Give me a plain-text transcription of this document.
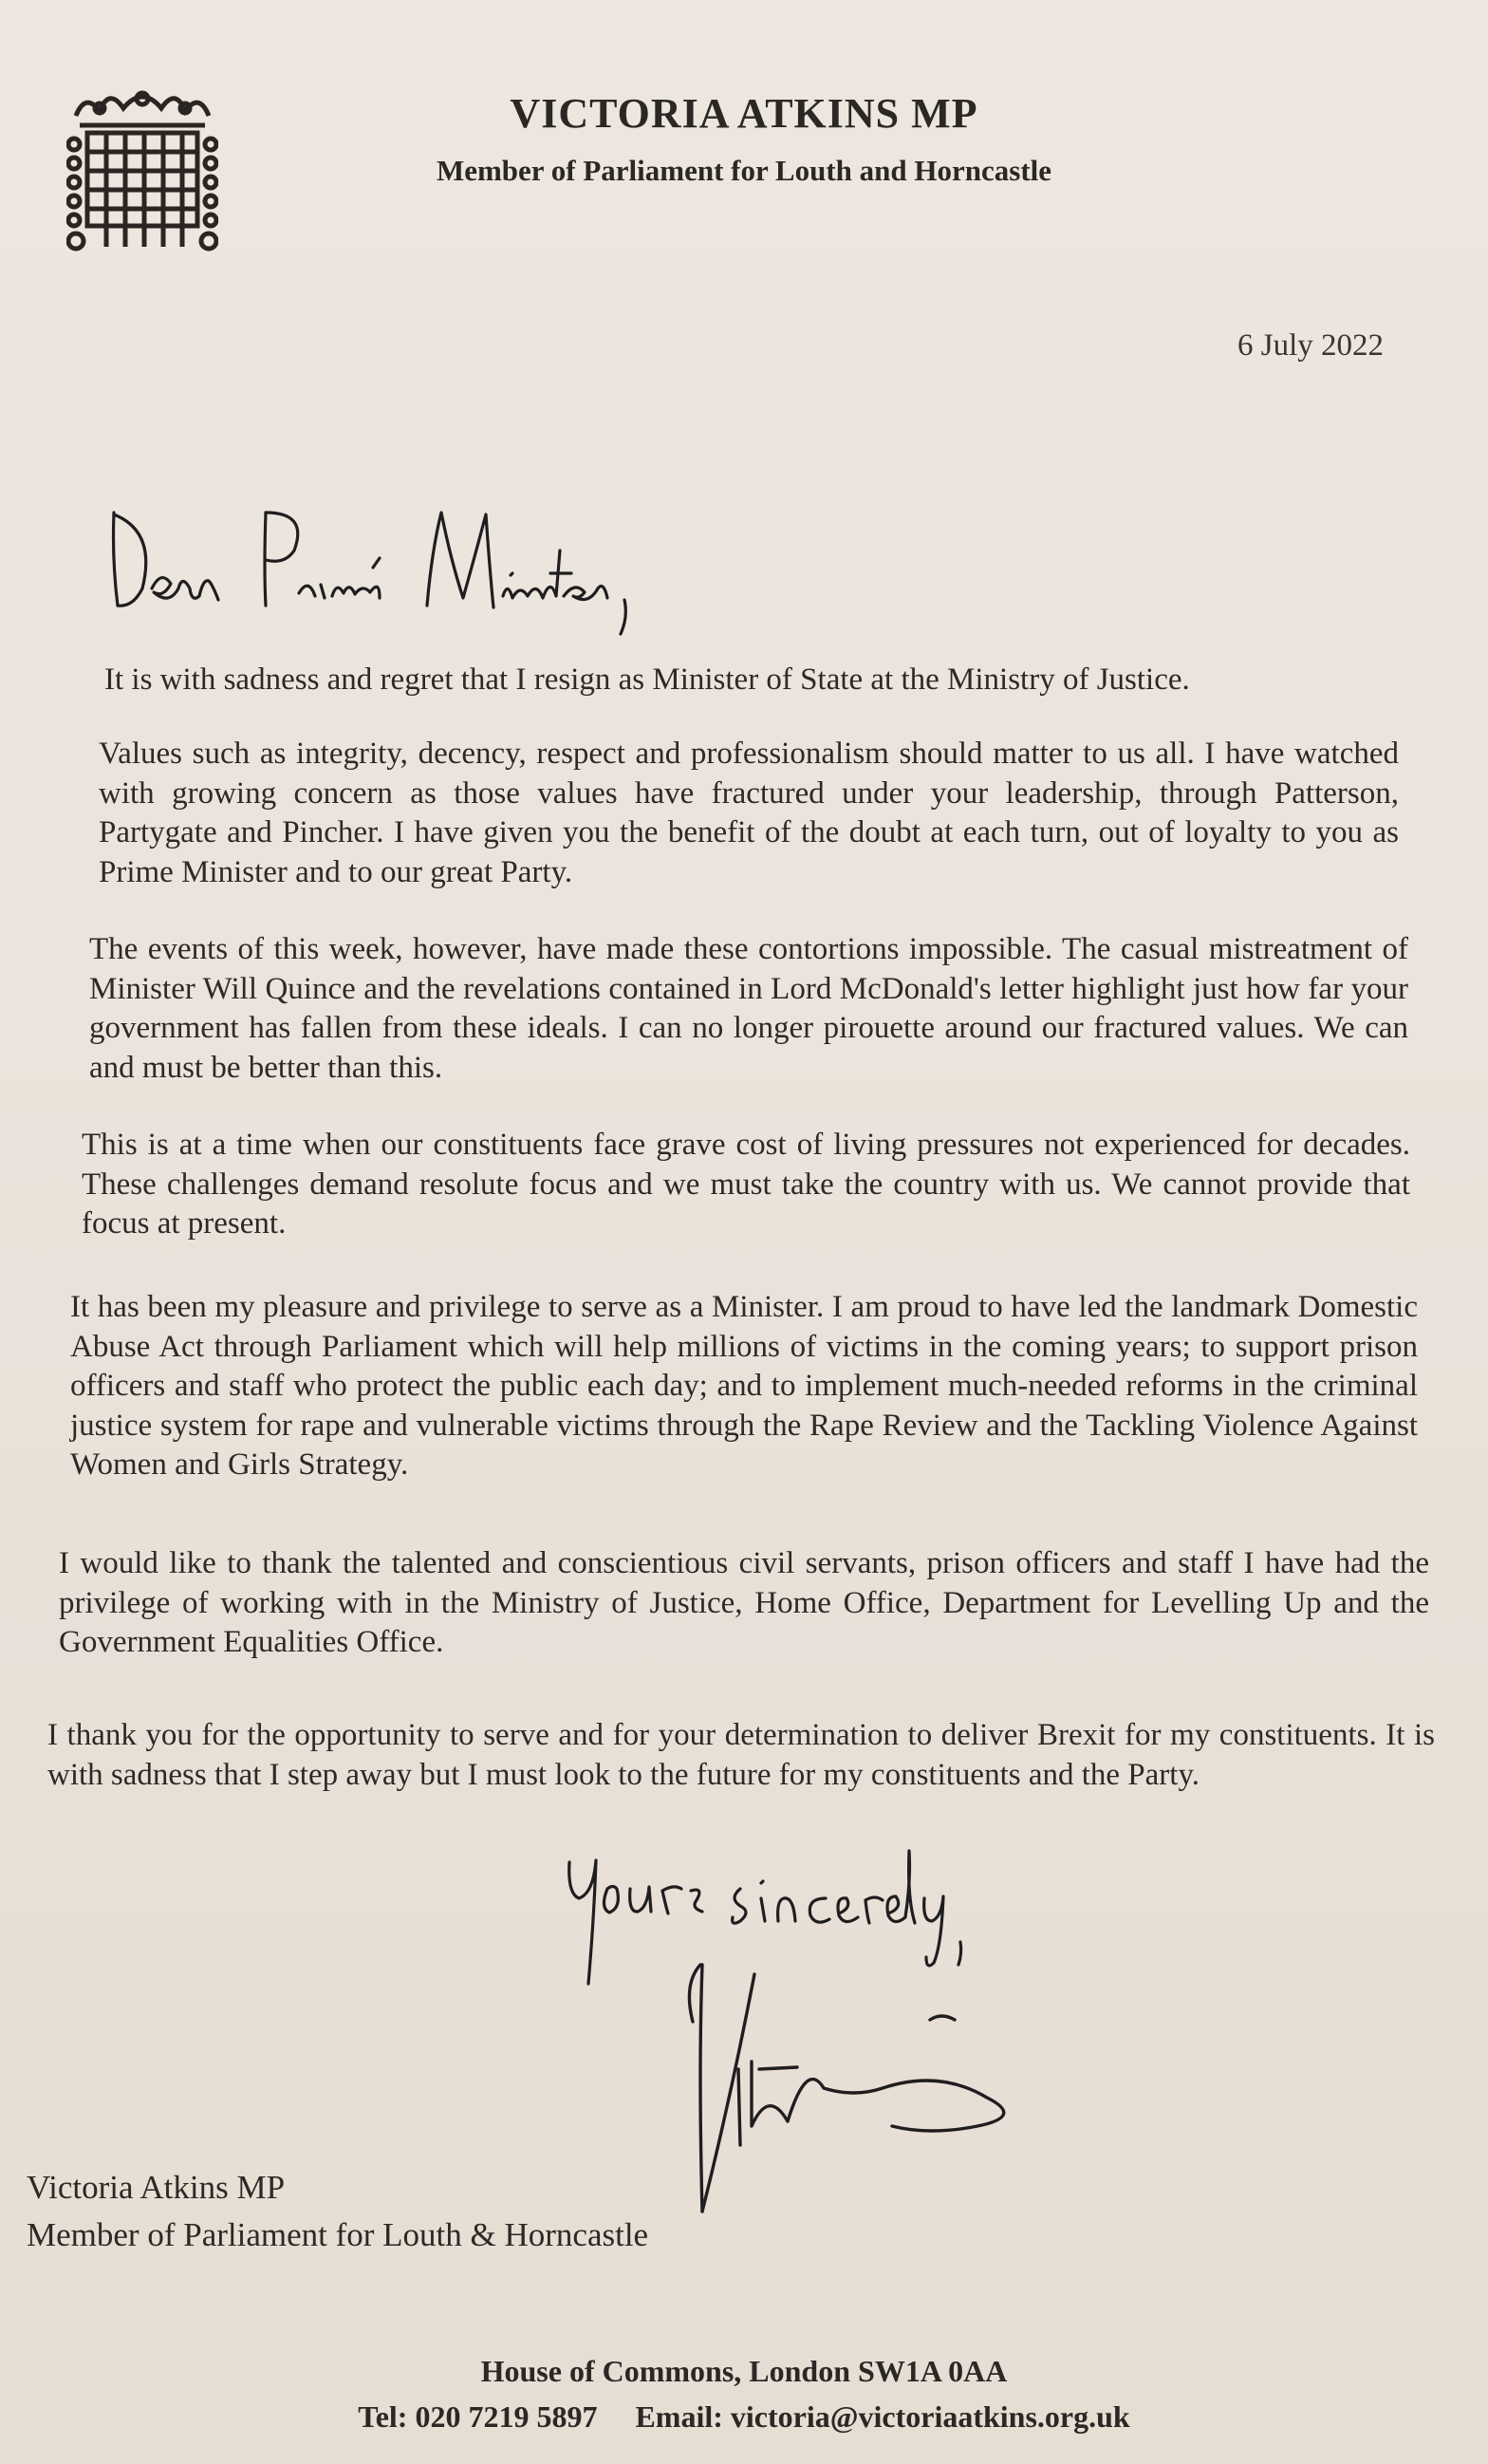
VICTORIA ATKINS MP
Member of Parliament for Louth and Horncastle
6 July 2022
It is with sadness and regret that I resign as Minister of State at the Ministry of Justice.
Values such as integrity, decency, respect and professionalism should matter to us all. I have watched with growing concern as those values have fractured under your leadership, through Patterson, Partygate and Pincher. I have given you the benefit of the doubt at each turn, out of loyalty to you as Prime Minister and to our great Party.
The events of this week, however, have made these contortions impossible. The casual mistreatment of Minister Will Quince and the revelations contained in Lord McDonald's letter highlight just how far your government has fallen from these ideals. I can no longer pirouette around our fractured values. We can and must be better than this.
This is at a time when our constituents face grave cost of living pressures not experienced for decades. These challenges demand resolute focus and we must take the country with us. We cannot provide that focus at present.
It has been my pleasure and privilege to serve as a Minister. I am proud to have led the landmark Domestic Abuse Act through Parliament which will help millions of victims in the coming years; to support prison officers and staff who protect the public each day; and to implement much-needed reforms in the criminal justice system for rape and vulnerable victims through the Rape Review and the Tackling Violence Against Women and Girls Strategy.
I would like to thank the talented and conscientious civil servants, prison officers and staff I have had the privilege of working with in the Ministry of Justice, Home Office, Department for Levelling Up and the Government Equalities Office.
I thank you for the opportunity to serve and for your determination to deliver Brexit for my constituents. It is with sadness that I step away but I must look to the future for my constituents and the Party.
Victoria Atkins MP
Member of Parliament for Louth & Horncastle
House of Commons, London SW1A 0AA
Tel: 020 7219 5897 Email: victoria@victoriaatkins.org.uk
